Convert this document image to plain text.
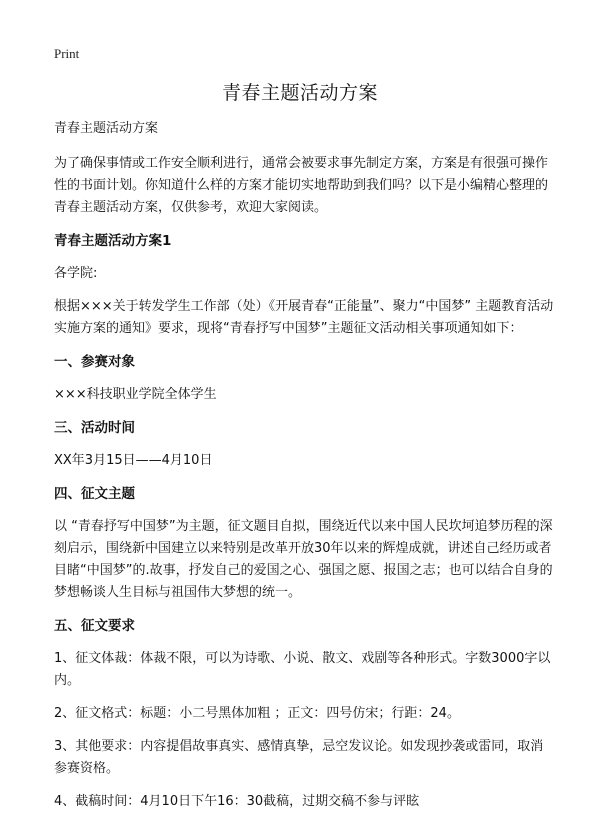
Print
青春主题活动方案

青春主题活动方案

为了确保事情或工作安全顺利进行，通常会被要求事先制定方案，方案是有很强可操作性的书面计划。你知道什么样的方案才能切实地帮助到我们吗？以下是小编精心整理的青春主题活动方案，仅供参考，欢迎大家阅读。

青春主题活动方案1

各学院:

根据×××关于转发学生工作部（处）《开展青春“正能量”、聚力“中国梦” 主题教育活动实施方案的通知》要求，现将“青春抒写中国梦”主题征文活动相关事项通知如下：

一、参赛对象

×××科技职业学院全体学生

三、活动时间

XX年3月15日——4月10日

四、征文主题

以 “青春抒写中国梦”为主题，征文题目自拟，围绕近代以来中国人民坎坷追梦历程的深刻启示，围绕新中国建立以来特别是改革开放30年以来的辉煌成就，讲述自己经历或者目睹“中国梦”的.故事，抒发自己的爱国之心、强国之愿、报国之志；也可以结合自身的梦想畅谈人生目标与祖国伟大梦想的统一。

五、征文要求

1、征文体裁：体裁不限，可以为诗歌、小说、散文、戏剧等各种形式。字数3000字以内。

2、征文格式：标题：小二号黑体加粗 ；正文：四号仿宋；行距：24。

3、其他要求：内容提倡故事真实、感情真挚，忌空发议论。如发现抄袭或雷同，取消参赛资格。

4、截稿时间：4月10日下午16：30截稿，过期交稿不参与评眩
